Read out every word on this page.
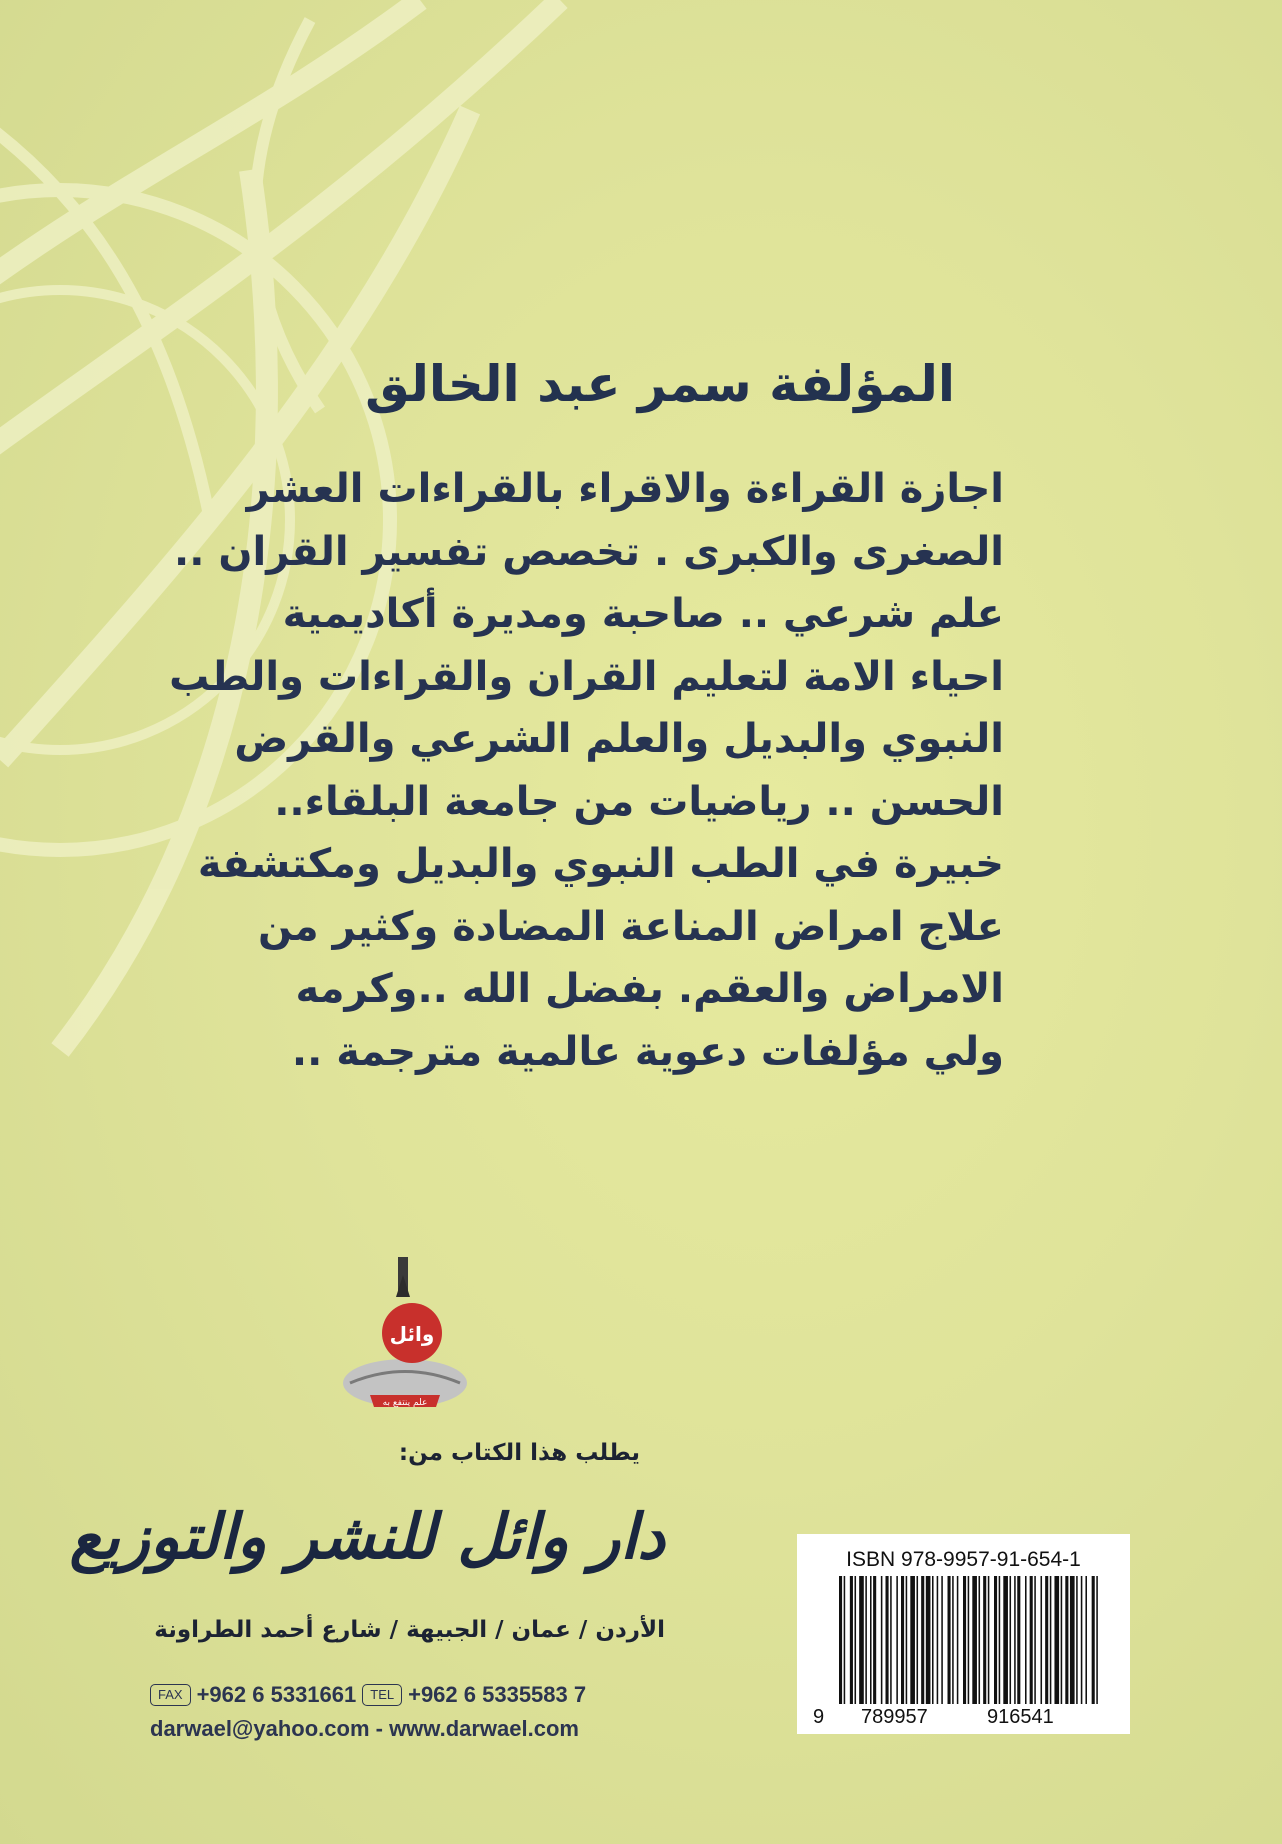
المؤلفة سمر عبد الخالق
اجازة القراءة والاقراء بالقراءات العشر
الصغرى والكبرى . تخصص تفسير القران ..
علم شرعي .. صاحبة ومديرة أكاديمية
احياء الامة لتعليم القران والقراءات والطب
النبوي والبديل والعلم الشرعي والقرض
الحسن .. رياضيات من جامعة البلقاء..
خبيرة في الطب النبوي والبديل ومكتشفة
علاج امراض المناعة المضادة وكثير من
الامراض والعقم. بفضل الله ..وكرمه
ولي مؤلفات دعوية عالمية مترجمة ..
وائل
علم ينتفع به
يطلب هذا الكتاب من:
دار وائل للنشر والتوزيع
الأردن / عمان / الجبيهة / شارع أحمد الطراونة
FAX +962 6 5331661	TEL +962 6 5335583 7
darwael@yahoo.com - www.darwael.com
ISBN 978-9957-91-654-1
9 789957	916541
